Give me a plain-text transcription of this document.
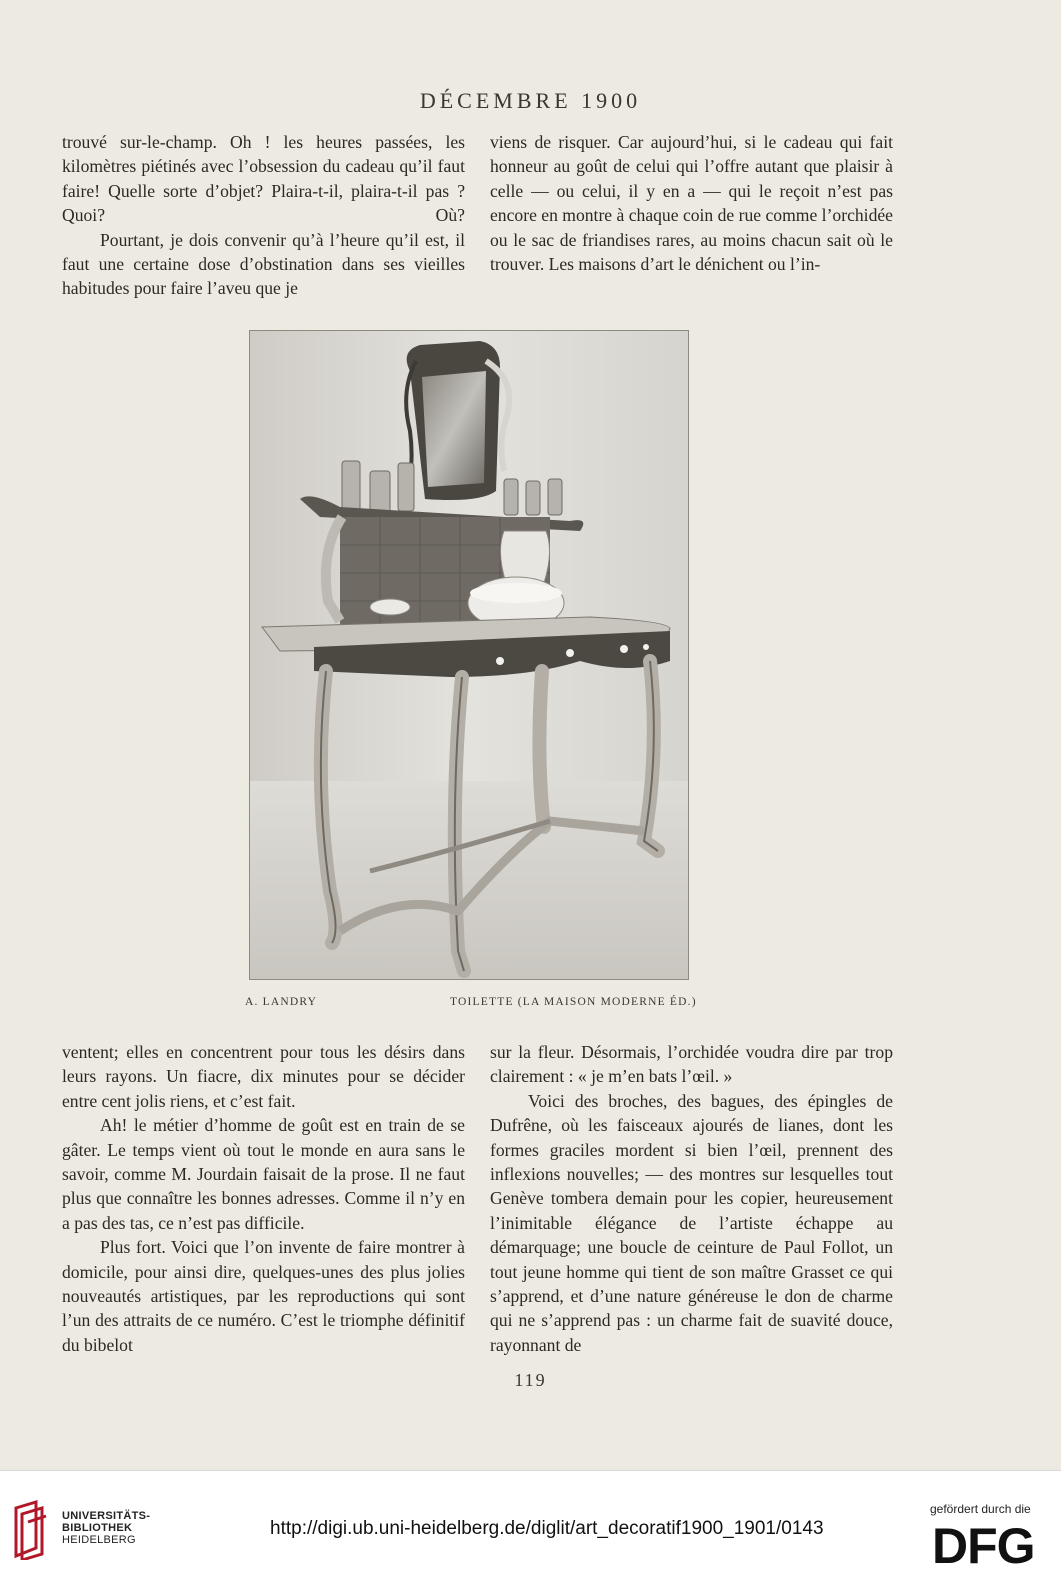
DÉCEMBRE 1900

trouvé sur-le-champ. Oh ! les heures passées, les kilomètres piétinés avec l’obsession du cadeau qu’il faut faire! Quelle sorte d’objet? Plaira-t-il, plaira-t-il pas ? Quoi? Où?

Pourtant, je dois convenir qu’à l’heure qu’il est, il faut une certaine dose d’obstination dans ses vieilles habitudes pour faire l’aveu que je

viens de risquer. Car aujourd’hui, si le cadeau qui fait honneur au goût de celui qui l’offre autant que plaisir à celle — ou celui, il y en a — qui le reçoit n’est pas encore en montre à chaque coin de rue comme l’orchidée ou le sac de friandises rares, au moins chacun sait où le trouver. Les maisons d’art le dénichent ou l’in-

A. LANDRY	TOILETTE (LA MAISON MODERNE ÉD.)

ventent; elles en concentrent pour tous les désirs dans leurs rayons. Un fiacre, dix minutes pour se décider entre cent jolis riens, et c’est fait.

Ah! le métier d’homme de goût est en train de se gâter. Le temps vient où tout le monde en aura sans le savoir, comme M. Jourdain faisait de la prose. Il ne faut plus que connaître les bonnes adresses. Comme il n’y en a pas des tas, ce n’est pas difficile.

Plus fort. Voici que l’on invente de faire montrer à domicile, pour ainsi dire, quelques-unes des plus jolies nouveautés artistiques, par les reproductions qui sont l’un des attraits de ce numéro. C’est le triomphe définitif du bibelot

sur la fleur. Désormais, l’orchidée voudra dire par trop clairement : « je m’en bats l’œil. »

Voici des broches, des bagues, des épingles de Dufrêne, où les faisceaux ajourés de lianes, dont les formes graciles mordent si bien l’œil, prennent des inflexions nouvelles; — des montres sur lesquelles tout Genève tombera demain pour les copier, heureusement l’inimitable élégance de l’artiste échappe au démarquage; une boucle de ceinture de Paul Follot, un tout jeune homme qui tient de son maître Grasset ce qui s’apprend, et d’une nature généreuse le don de charme qui ne s’apprend pas : un charme fait de suavité douce, rayonnant de

119
UNIVERSITÄTS-
BIBLIOTHEK
HEIDELBERG
http://digi.ub.uni-heidelberg.de/diglit/art_decoratif1900_1901/0143
gefördert durch die
DFG
